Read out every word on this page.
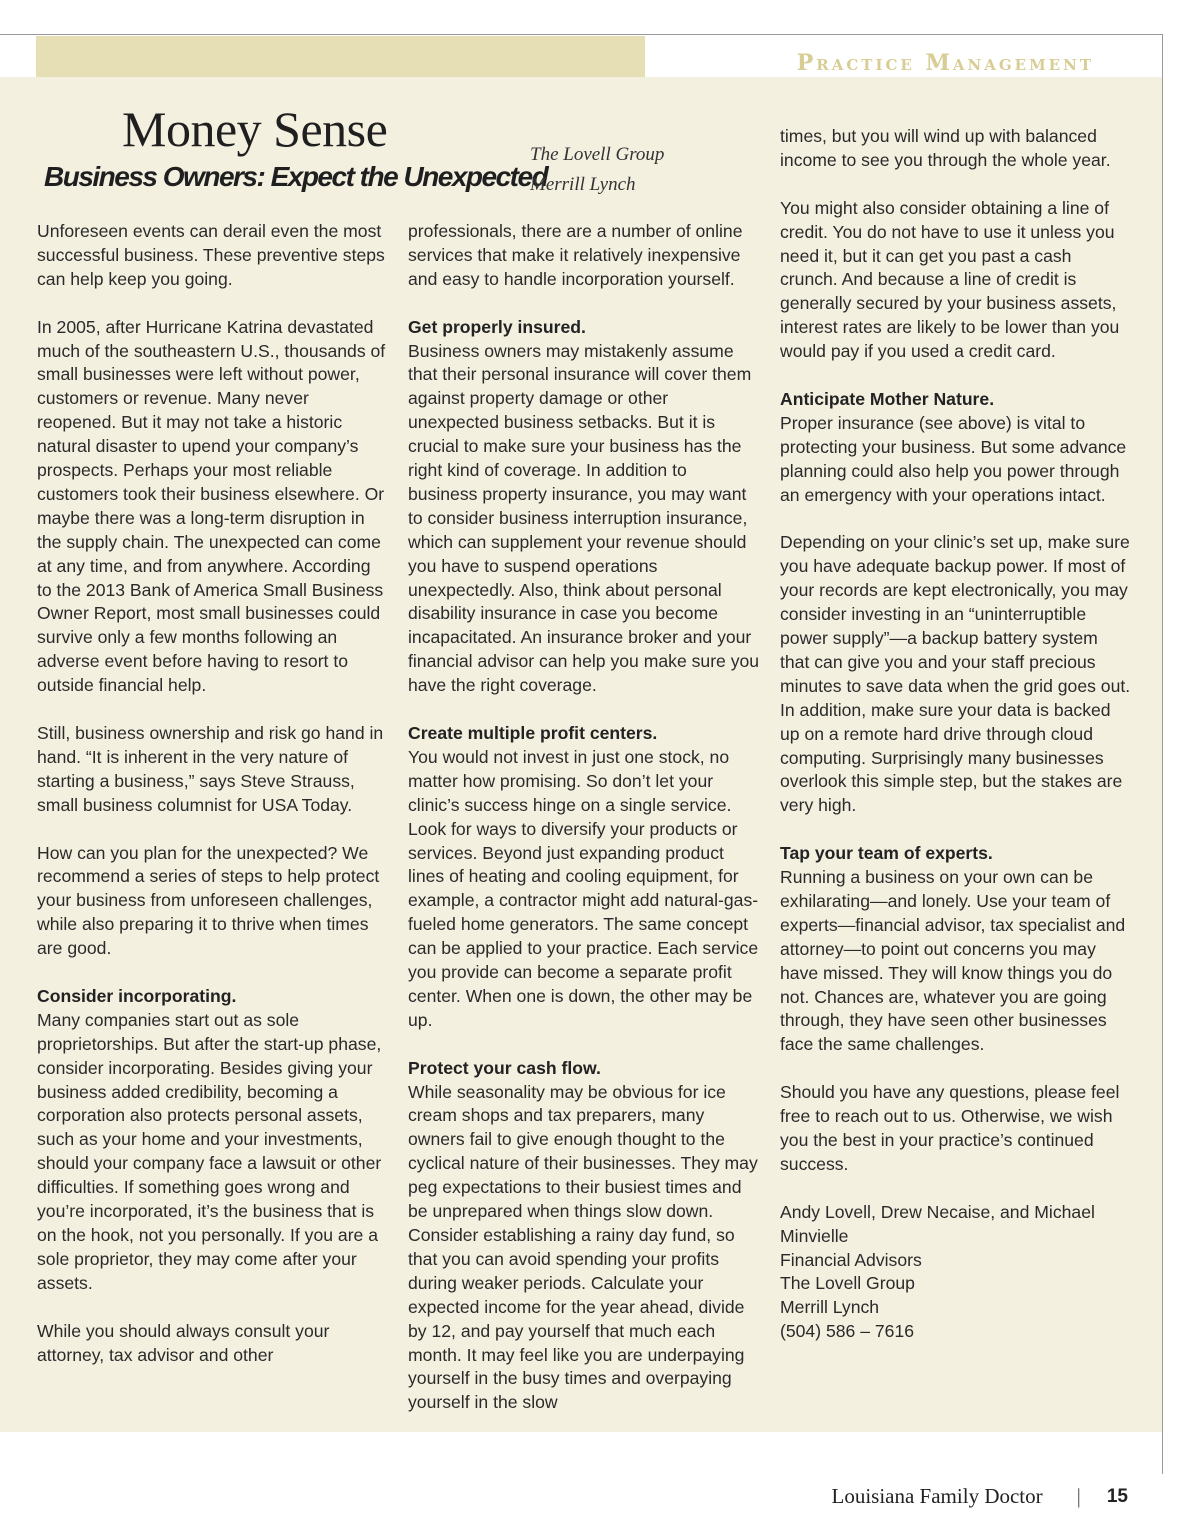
Practice Management
Money Sense
Business Owners: Expect the Unexpected
The Lovell Group
Merrill Lynch

Unforeseen events can derail even the most successful business. These preventive steps can help keep you going.

In 2005, after Hurricane Katrina devastated much of the southeastern U.S., thousands of small businesses were left without power, customers or revenue. Many never reopened. But it may not take a historic natural disaster to upend your company’s prospects. Perhaps your most reliable customers took their business elsewhere. Or maybe there was a long-term disruption in the supply chain. The unexpected can come at any time, and from anywhere. According to the 2013 Bank of America Small Business Owner Report, most small businesses could survive only a few months following an adverse event before having to resort to outside financial help.

Still, business ownership and risk go hand in hand. “It is inherent in the very nature of starting a business,” says Steve Strauss, small business columnist for USA Today.

How can you plan for the unexpected? We recommend a series of steps to help protect your business from unforeseen challenges, while also preparing it to thrive when times are good.

Consider incorporating.

Many companies start out as sole proprietorships. But after the start-up phase, consider incorporating. Besides giving your business added credibility, becoming a corporation also protects personal assets, such as your home and your investments, should your company face a lawsuit or other difficulties. If something goes wrong and you’re incorporated, it’s the business that is on the hook, not you personally. If you are a sole proprietor, they may come after your assets.

While you should always consult your attorney, tax advisor and other

professionals, there are a number of online services that make it relatively inexpensive and easy to handle incorporation yourself.

Get properly insured.

Business owners may mistakenly assume that their personal insurance will cover them against property damage or other unexpected business setbacks. But it is crucial to make sure your business has the right kind of coverage. In addition to business property insurance, you may want to consider business interruption insurance, which can supplement your revenue should you have to suspend operations unexpectedly. Also, think about personal disability insurance in case you become incapacitated. An insurance broker and your financial advisor can help you make sure you have the right coverage.

Create multiple profit centers.

You would not invest in just one stock, no matter how promising. So don’t let your clinic’s success hinge on a single service. Look for ways to diversify your products or services. Beyond just expanding product lines of heating and cooling equipment, for example, a contractor might add natural-gas-fueled home generators. The same concept can be applied to your practice. Each service you provide can become a separate profit center. When one is down, the other may be up.

Protect your cash flow.

While seasonality may be obvious for ice cream shops and tax preparers, many owners fail to give enough thought to the cyclical nature of their businesses. They may peg expectations to their busiest times and be unprepared when things slow down. Consider establishing a rainy day fund, so that you can avoid spending your profits during weaker periods. Calculate your expected income for the year ahead, divide by 12, and pay yourself that much each month. It may feel like you are underpaying yourself in the busy times and overpaying yourself in the slow

times, but you will wind up with balanced income to see you through the whole year.

You might also consider obtaining a line of credit. You do not have to use it unless you need it, but it can get you past a cash crunch. And because a line of credit is generally secured by your business assets, interest rates are likely to be lower than you would pay if you used a credit card.

Anticipate Mother Nature.

Proper insurance (see above) is vital to protecting your business. But some advance planning could also help you power through an emergency with your operations intact.

Depending on your clinic’s set up, make sure you have adequate backup power. If most of your records are kept electronically, you may consider investing in an “uninterruptible power supply”—a backup battery system that can give you and your staff precious minutes to save data when the grid goes out. In addition, make sure your data is backed up on a remote hard drive through cloud computing. Surprisingly many businesses overlook this simple step, but the stakes are very high.

Tap your team of experts.

Running a business on your own can be exhilarating—and lonely. Use your team of experts—financial advisor, tax specialist and attorney—to point out concerns you may have missed. They will know things you do not. Chances are, whatever you are going through, they have seen other businesses face the same challenges.

Should you have any questions, please feel free to reach out to us. Otherwise, we wish you the best in your practice’s continued success.

Andy Lovell, Drew Necaise, and Michael Minvielle
Financial Advisors
The Lovell Group
Merrill Lynch
(504) 586 – 7616
Louisiana Family Doctor | 15
